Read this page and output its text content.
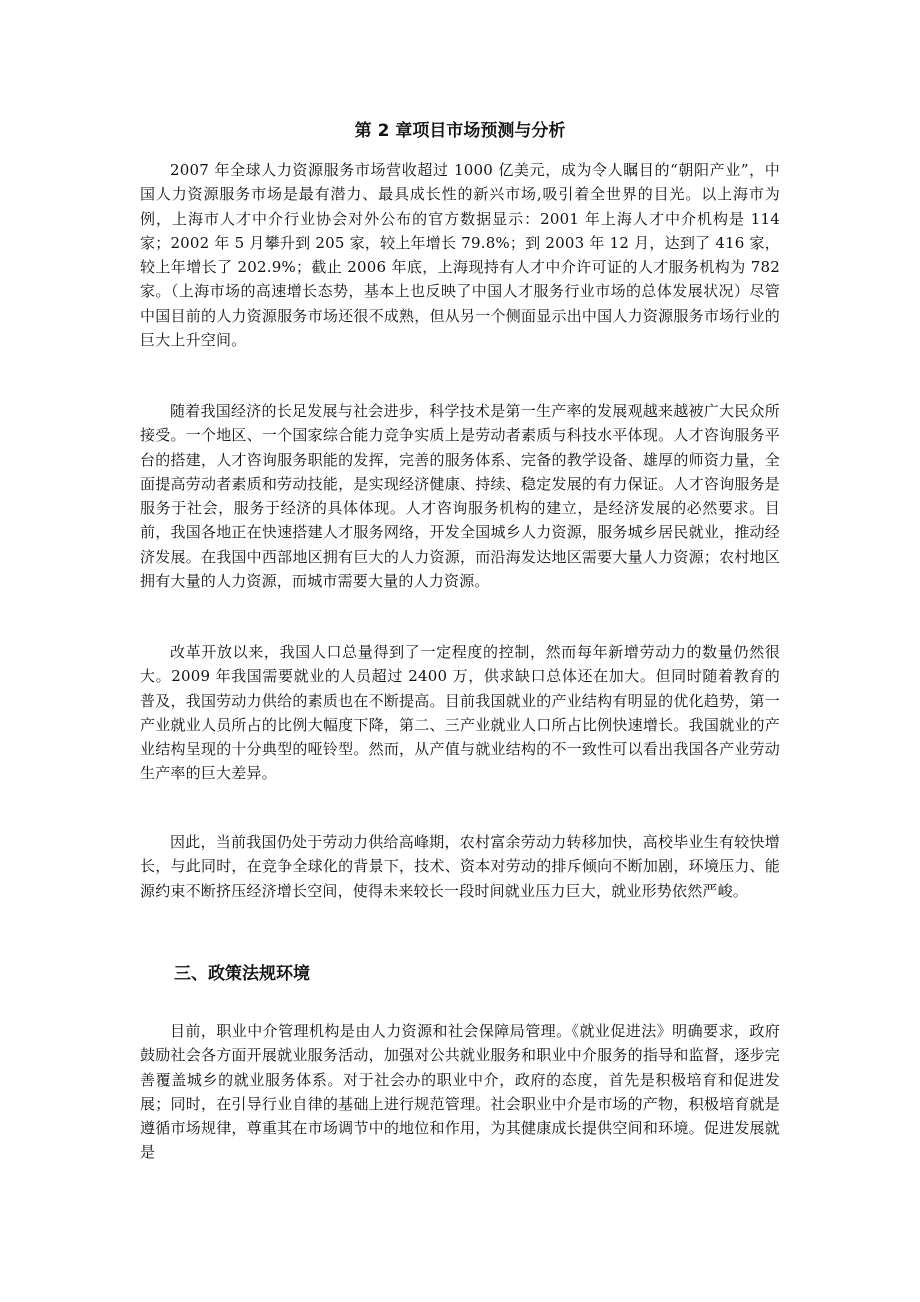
第 2 章项目市场预测与分析

2007 年全球人力资源服务市场营收超过 1000 亿美元，成为令人瞩目的“朝阳产业”，中国人力资源服务市场是最有潜力、最具成长性的新兴市场,吸引着全世界的目光。以上海市为例，上海市人才中介行业协会对外公布的官方数据显示：2001 年上海人才中介机构是 114 家；2002 年 5 月攀升到 205 家，较上年增长 79.8%；到 2003 年 12 月，达到了 416 家，较上年增长了 202.9%；截止 2006 年底，上海现持有人才中介许可证的人才服务机构为 782 家。（上海市场的高速增长态势，基本上也反映了中国人才服务行业市场的总体发展状况）尽管中国目前的人力资源服务市场还很不成熟，但从另一个侧面显示出中国人力资源服务市场行业的巨大上升空间。

随着我国经济的长足发展与社会进步，科学技术是第一生产率的发展观越来越被广大民众所接受。一个地区、一个国家综合能力竞争实质上是劳动者素质与科技水平体现。人才咨询服务平台的搭建，人才咨询服务职能的发挥，完善的服务体系、完备的教学设备、雄厚的师资力量，全面提高劳动者素质和劳动技能，是实现经济健康、持续、稳定发展的有力保证。人才咨询服务是服务于社会，服务于经济的具体体现。人才咨询服务机构的建立，是经济发展的必然要求。目前，我国各地正在快速搭建人才服务网络，开发全国城乡人力资源，服务城乡居民就业，推动经济发展。在我国中西部地区拥有巨大的人力资源，而沿海发达地区需要大量人力资源；农村地区拥有大量的人力资源，而城市需要大量的人力资源。

改革开放以来，我国人口总量得到了一定程度的控制，然而每年新增劳动力的数量仍然很大。2009 年我国需要就业的人员超过 2400 万，供求缺口总体还在加大。但同时随着教育的普及，我国劳动力供给的素质也在不断提高。目前我国就业的产业结构有明显的优化趋势，第一产业就业人员所占的比例大幅度下降，第二、三产业就业人口所占比例快速增长。我国就业的产业结构呈现的十分典型的哑铃型。然而，从产值与就业结构的不一致性可以看出我国各产业劳动生产率的巨大差异。

因此，当前我国仍处于劳动力供给高峰期，农村富余劳动力转移加快，高校毕业生有较快增长，与此同时，在竞争全球化的背景下，技术、资本对劳动的排斥倾向不断加剧，环境压力、能源约束不断挤压经济增长空间，使得未来较长一段时间就业压力巨大，就业形势依然严峻。

三、政策法规环境

目前，职业中介管理机构是由人力资源和社会保障局管理。《就业促进法》明确要求，政府鼓励社会各方面开展就业服务活动，加强对公共就业服务和职业中介服务的指导和监督，逐步完善覆盖城乡的就业服务体系。对于社会办的职业中介，政府的态度，首先是积极培育和促进发展；同时，在引导行业自律的基础上进行规范管理。社会职业中介是市场的产物，积极培育就是遵循市场规律，尊重其在市场调节中的地位和作用，为其健康成长提供空间和环境。促进发展就是
